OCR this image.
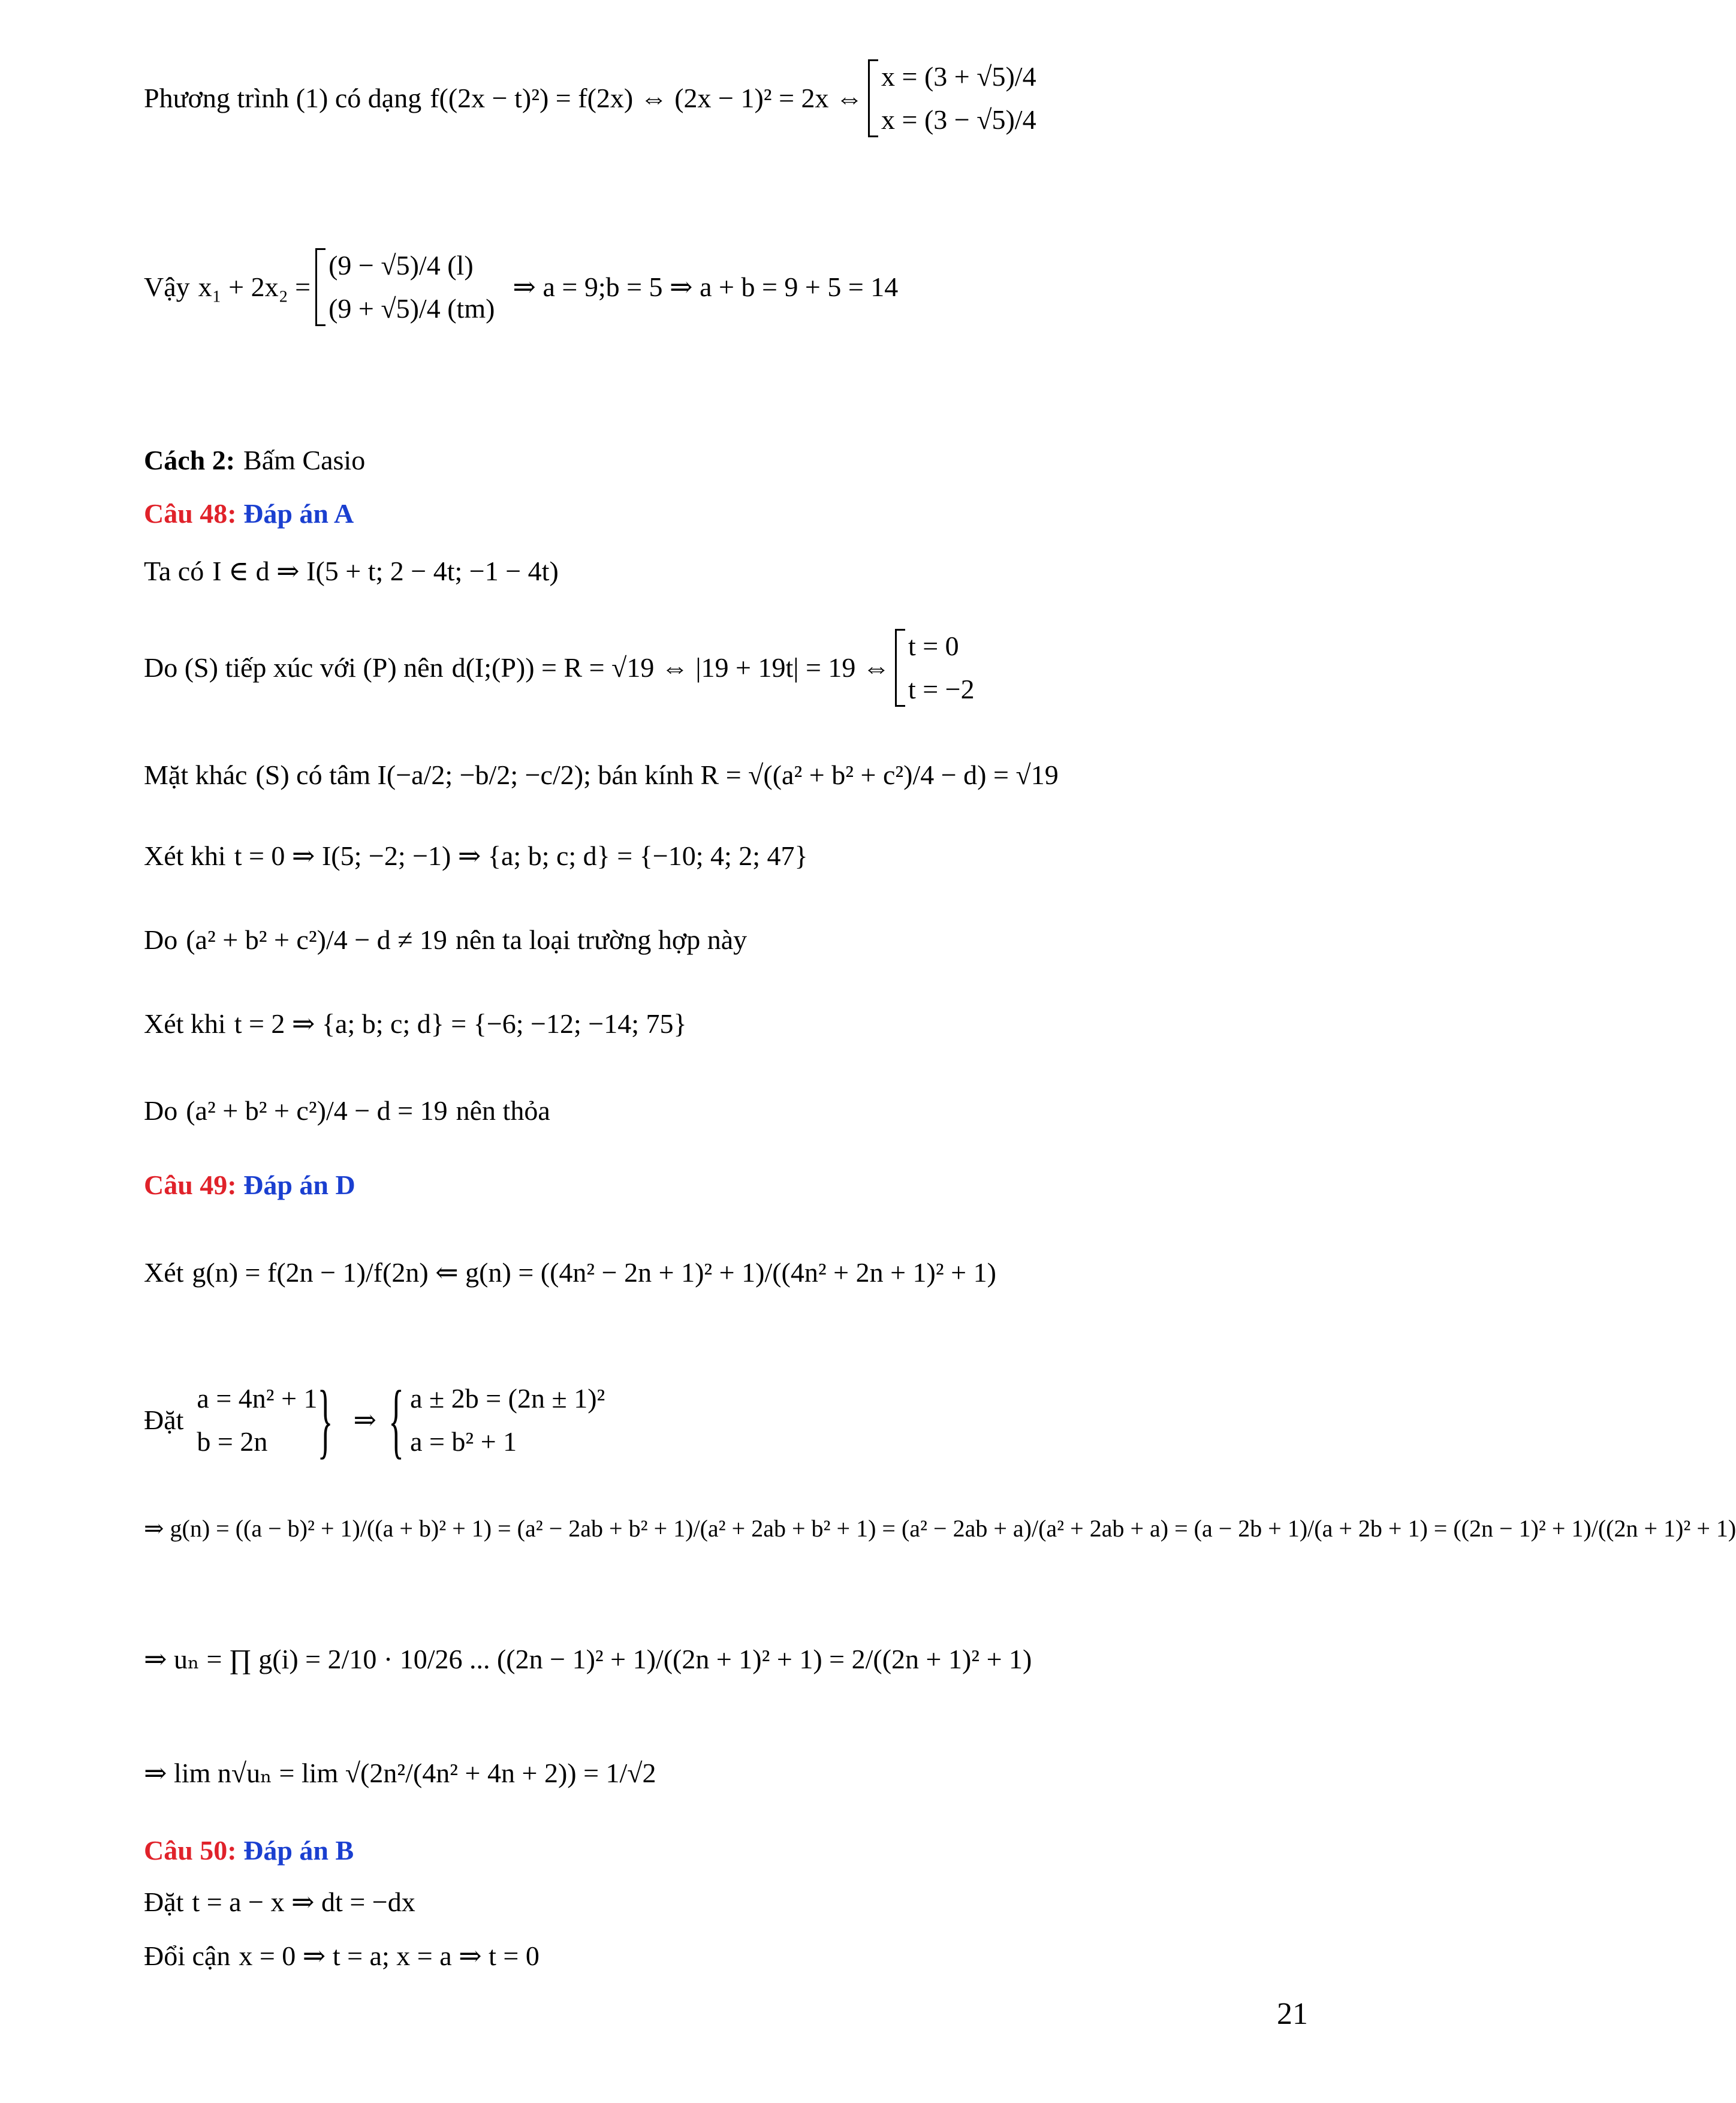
Phương trình (1) có dạng f((2x − t)²) = f(2x) ⇔ (2x − 1)² = 2x ⇔
x = (3 + √5)/4
x = (3 − √5)/4
Vậy x₁ + 2x₂ =
(9 − √5)/4 (l)
(9 + √5)/4 (tm)
⇒ a = 9;b = 5 ⇒ a + b = 9 + 5 = 14
Cách 2: Bấm Casio
Câu 48: Đáp án A
Ta có I ∈ d ⇒ I(5 + t; 2 − 4t; −1 − 4t)
Do (S) tiếp xúc với (P) nên d(I;(P)) = R = √19 ⇔ |19 + 19t| = 19 ⇔
t = 0
t = −2
Mặt khác (S) có tâm I(−a/2; −b/2; −c/2); bán kính R = √((a² + b² + c²)/4 − d) = √19
Xét khi t = 0 ⇒ I(5; −2; −1) ⇒ {a; b; c; d} = {−10; 4; 2; 47}
Do (a² + b² + c²)/4 − d ≠ 19 nên ta loại trường hợp này
Xét khi t = 2 ⇒ {a; b; c; d} = {−6; −12; −14; 75}
Do (a² + b² + c²)/4 − d = 19 nên thỏa
Câu 49: Đáp án D
Xét g(n) = f(2n − 1)/f(2n) ⇐ g(n) = ((4n² − 2n + 1)² + 1)/((4n² + 2n + 1)² + 1)
Đặt
a = 4n² + 1
b = 2n
}
⇒
{ a ± 2b = (2n ± 1)²
a = b² + 1
⇒ g(n) = ((a − b)² + 1)/((a + b)² + 1) = (a² − 2ab + b² + 1)/(a² + 2ab + b² + 1) = (a² − 2ab + a)/(a² + 2ab + a) = (a − 2b + 1)/(a + 2b + 1) = ((2n − 1)² + 1)/((2n + 1)² + 1)
⇒ uₙ = ∏ g(i) = 2/10 · 10/26 ... ((2n − 1)² + 1)/((2n + 1)² + 1) = 2/((2n + 1)² + 1)
⇒ lim n√uₙ = lim √(2n²/(4n² + 4n + 2)) = 1/√2
Câu 50: Đáp án B
Đặt t = a − x ⇒ dt = −dx
Đổi cận x = 0 ⇒ t = a; x = a ⇒ t = 0
21
